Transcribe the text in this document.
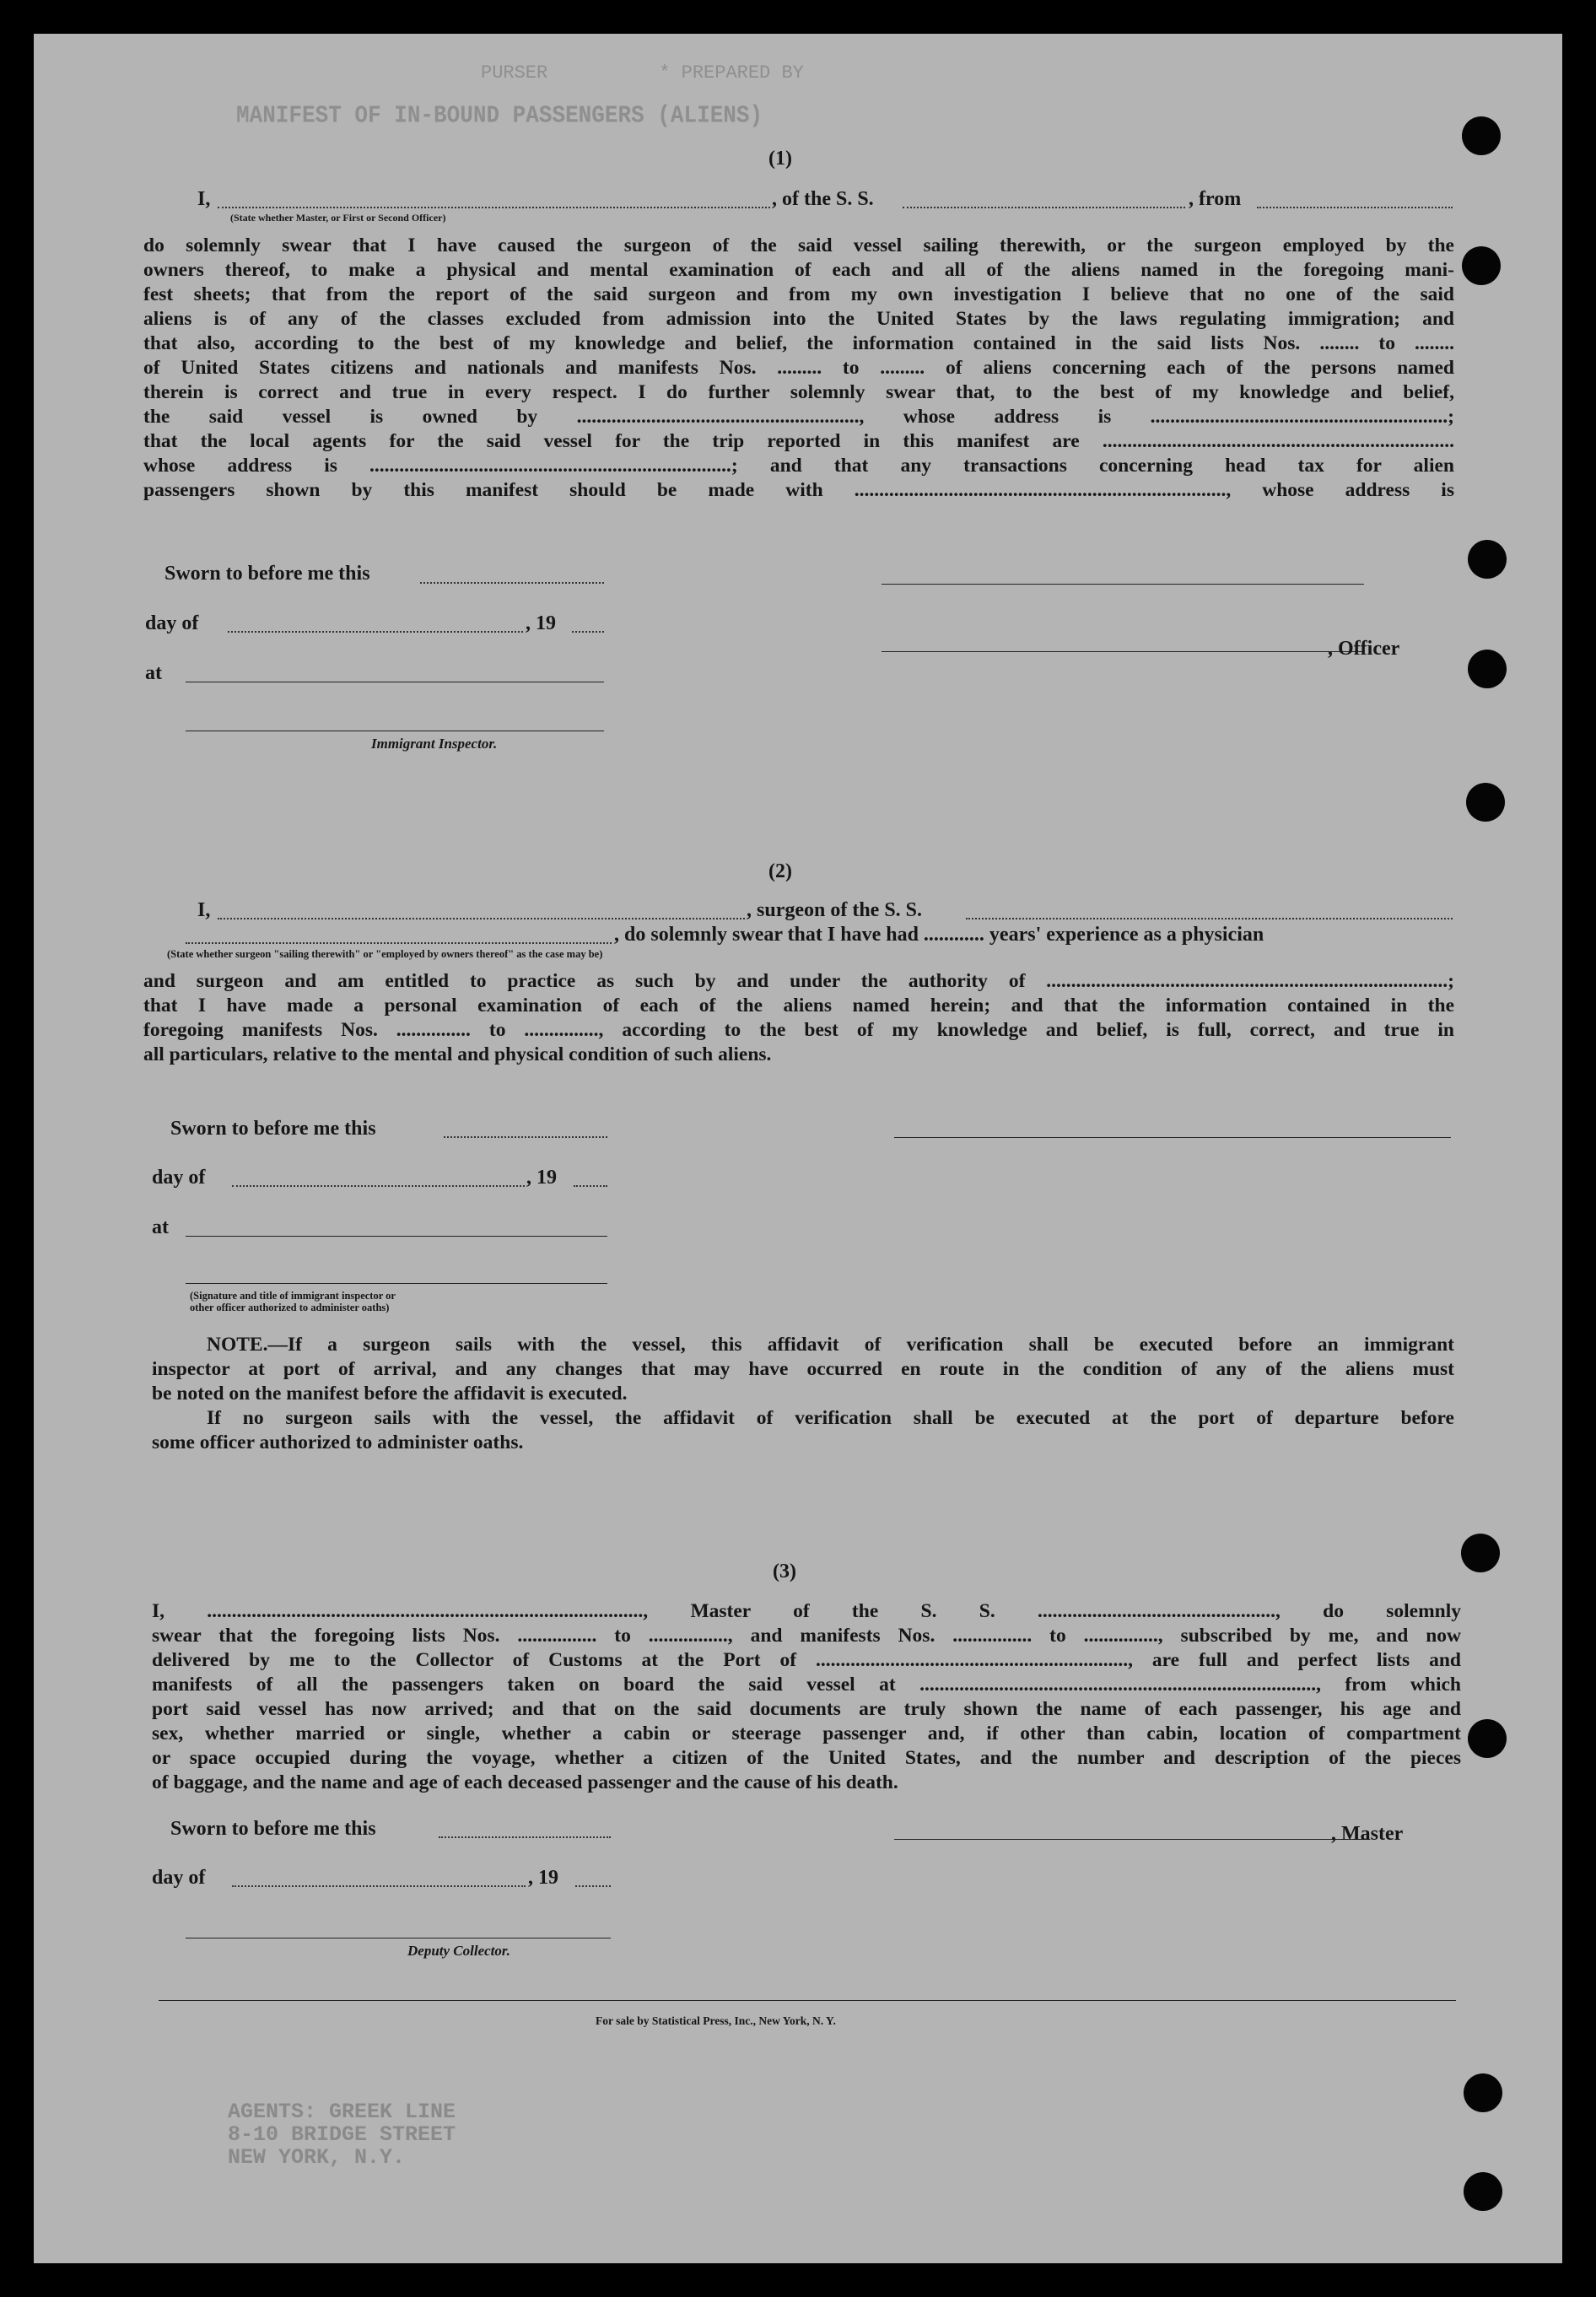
PURSER          * PREPARED BY
MANIFEST OF IN-BOUND PASSENGERS (ALIENS)
(1)
I,	, of the S. S.	, from
(State whether Master, or First or Second Officer)
do solemnly swear that I have caused the surgeon of the said vessel sailing therewith, or the surgeon employed by the
owners thereof, to make a physical and mental examination of each and all of the aliens named in the foregoing mani-
fest sheets; that from the report of the said surgeon and from my own investigation I believe that no one of the said
aliens is of any of the classes excluded from admission into the United States by the laws regulating immigration; and
that also, according to the best of my knowledge and belief, the information contained in the said lists Nos. ........ to ........
of United States citizens and nationals and manifests Nos. ......... to ......... of aliens concerning each of the persons named
therein is correct and true in every respect. I do further solemnly swear that, to the best of my knowledge and belief,
the said vessel is owned by ........................................................., whose address is ............................................................;
that the local agents for the said vessel for the trip reported in this manifest are .......................................................................
whose address is .........................................................................; and that any transactions concerning head tax for alien
passengers shown by this manifest should be made with ..........................................................................., whose address is
Sworn to before me this
day of	, 19
, Officer
at
Immigrant Inspector.
(2)
I,	, surgeon of the S. S.
, do solemnly swear that I have had ............ years' experience as a physician
(State whether surgeon "sailing therewith" or "employed by owners thereof" as the case may be)
and surgeon and am entitled to practice as such by and under the authority of .................................................................................;
that I have made a personal examination of each of the aliens named herein; and that the information contained in the
foregoing manifests Nos. ............... to ..............., according to the best of my knowledge and belief, is full, correct, and true in
all particulars, relative to the mental and physical condition of such aliens.
Sworn to before me this
day of	, 19
at
(Signature and title of immigrant inspector or
other officer authorized to administer oaths)
NOTE.—If a surgeon sails with the vessel, this affidavit of verification shall be executed before an immigrant
inspector at port of arrival, and any changes that may have occurred en route in the condition of any of the aliens must
be noted on the manifest before the affidavit is executed.
If no surgeon sails with the vessel, the affidavit of verification shall be executed at the port of departure before
some officer authorized to administer oaths.
(3)
I, ........................................................................................, Master of the S. S. ................................................, do solemnly
swear that the foregoing lists Nos. ................ to ................, and manifests Nos. ................ to ..............., subscribed by me, and now
delivered by me to the Collector of Customs at the Port of ..............................................................., are full and perfect lists and
manifests of all the passengers taken on board the said vessel at ................................................................................, from which
port said vessel has now arrived; and that on the said documents are truly shown the name of each passenger, his age and
sex, whether married or single, whether a cabin or steerage passenger and, if other than cabin, location of compartment
or space occupied during the voyage, whether a citizen of the United States, and the number and description of the pieces
of baggage, and the name and age of each deceased passenger and the cause of his death.
Sworn to before me this	, Master
day of	, 19
Deputy Collector.
For sale by Statistical Press, Inc., New York, N. Y.
AGENTS: GREEK LINE
8-10 BRIDGE STREET
NEW YORK, N.Y.
